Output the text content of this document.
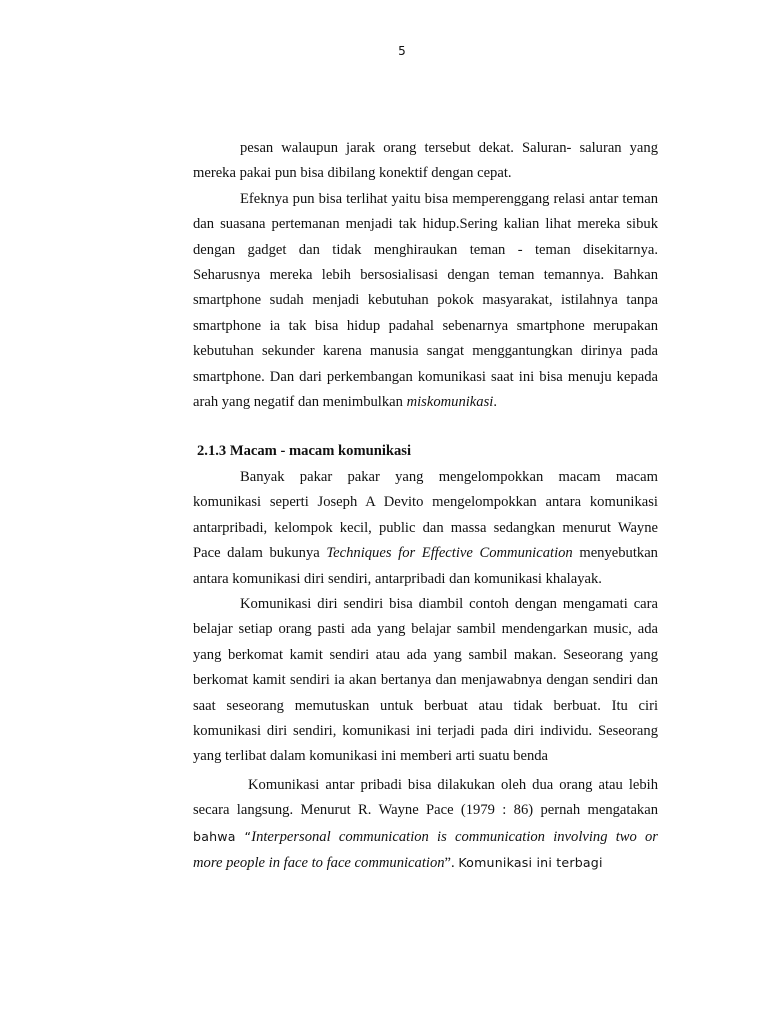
5

pesan walaupun jarak orang tersebut dekat. Saluran- saluran yang mereka pakai pun bisa dibilang konektif dengan cepat.

Efeknya pun bisa terlihat yaitu bisa memperenggang relasi antar teman dan suasana pertemanan menjadi tak hidup.Sering kalian lihat mereka sibuk dengan gadget dan tidak menghiraukan teman - teman disekitarnya. Seharusnya mereka lebih bersosialisasi dengan teman temannya. Bahkan smartphone sudah menjadi kebutuhan pokok masyarakat, istilahnya tanpa smartphone ia tak bisa hidup padahal sebenarnya smartphone merupakan kebutuhan sekunder karena manusia sangat menggantungkan dirinya pada smartphone. Dan dari perkembangan komunikasi saat ini bisa menuju kepada arah yang negatif dan menimbulkan miskomunikasi.

2.1.3 Macam - macam komunikasi

Banyak pakar pakar yang mengelompokkan macam macam komunikasi seperti Joseph A Devito mengelompokkan antara komunikasi antarpribadi, kelompok kecil, public dan massa sedangkan menurut Wayne Pace dalam bukunya Techniques for Effective Communication menyebutkan antara komunikasi diri sendiri, antarpribadi dan komunikasi khalayak.

Komunikasi diri sendiri bisa diambil contoh dengan mengamati cara belajar setiap orang pasti ada yang belajar sambil mendengarkan music, ada yang berkomat kamit sendiri atau ada yang sambil makan. Seseorang yang berkomat kamit sendiri ia akan bertanya dan menjawabnya dengan sendiri dan saat seseorang memutuskan untuk berbuat atau tidak berbuat. Itu ciri komunikasi diri sendiri, komunikasi ini terjadi pada diri individu. Seseorang yang terlibat dalam komunikasi ini memberi arti suatu benda

Komunikasi antar pribadi bisa dilakukan oleh dua orang atau lebih secara langsung. Menurut R. Wayne Pace (1979 : 86) pernah mengatakan bahwa “Interpersonal communication is communication involving two or more people in face to face communication”. Komunikasi ini terbagi
